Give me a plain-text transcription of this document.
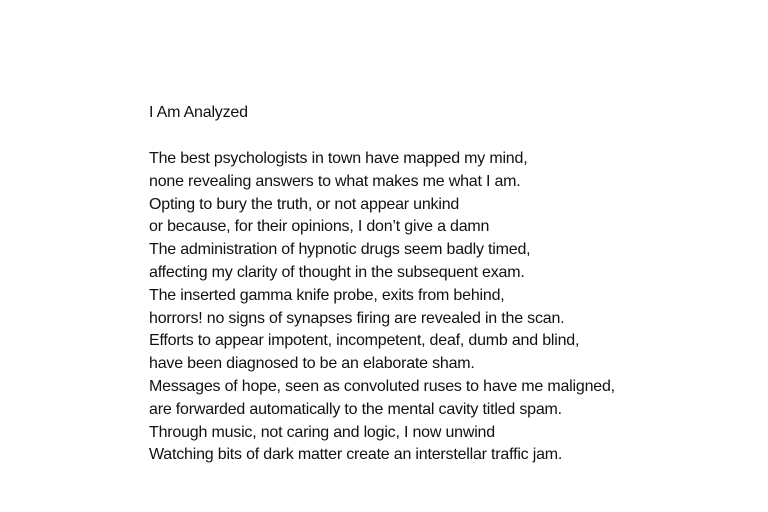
I Am Analyzed
The best psychologists in town have mapped my mind,
none revealing answers to what makes me what I am.
Opting to bury the truth, or not appear unkind
or because, for their opinions, I don’t give a damn
The administration of hypnotic drugs seem badly timed,
affecting my clarity of thought in the subsequent exam.
The inserted gamma knife probe, exits from behind,
horrors! no signs of synapses firing are revealed in the scan.
Efforts to appear impotent, incompetent, deaf, dumb and blind,
have been diagnosed to be an elaborate sham.
Messages of hope, seen as convoluted ruses to have me maligned,
are forwarded automatically to the mental cavity titled spam.
Through music, not caring and logic, I now unwind
Watching bits of dark matter create an interstellar traffic jam.
